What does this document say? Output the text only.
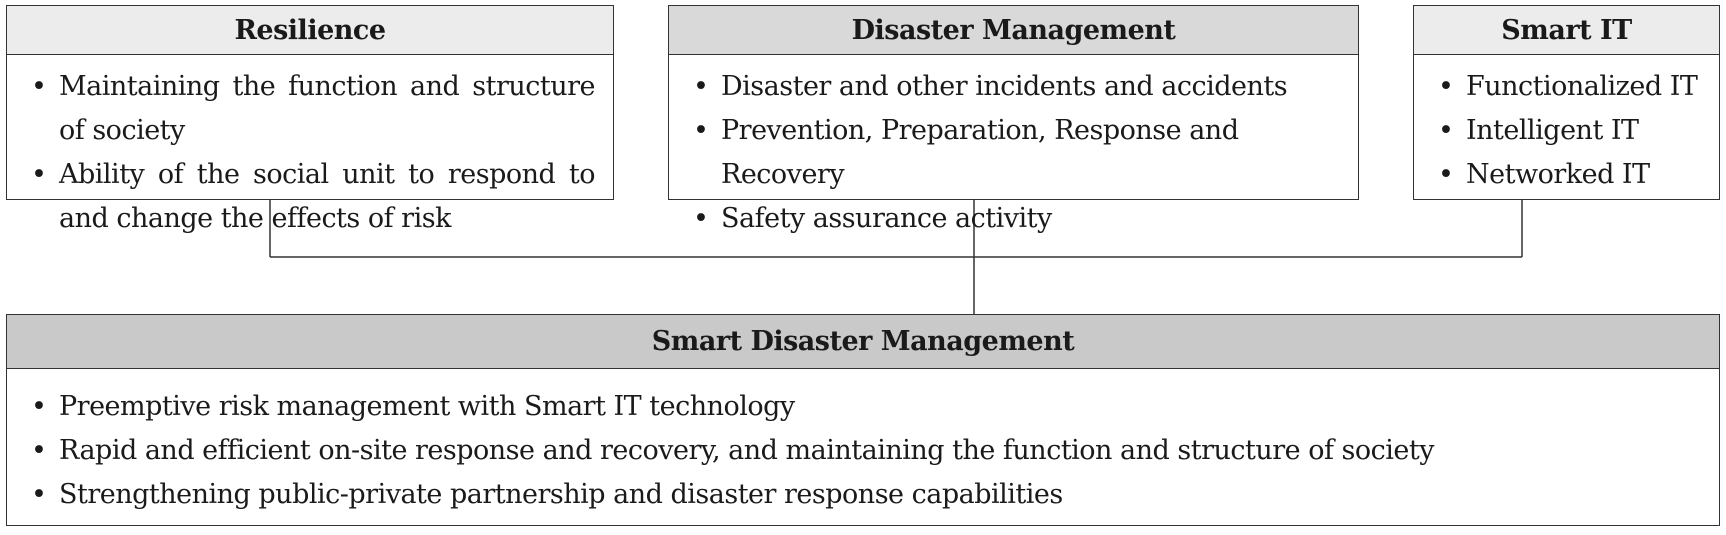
Resilience
• Maintaining the function and structure of society
• Ability of the social unit to respond to and change the effects of risk
Disaster Management
• Disaster and other incidents and accidents
• Prevention, Preparation, Response and Recovery
• Safety assurance activity
Smart IT
• Functionalized IT
• Intelligent IT
• Networked IT
Smart Disaster Management
• Preemptive risk management with Smart IT technology
• Rapid and efficient on-site response and recovery, and maintaining the function and structure of society
• Strengthening public-private partnership and disaster response capabilities
